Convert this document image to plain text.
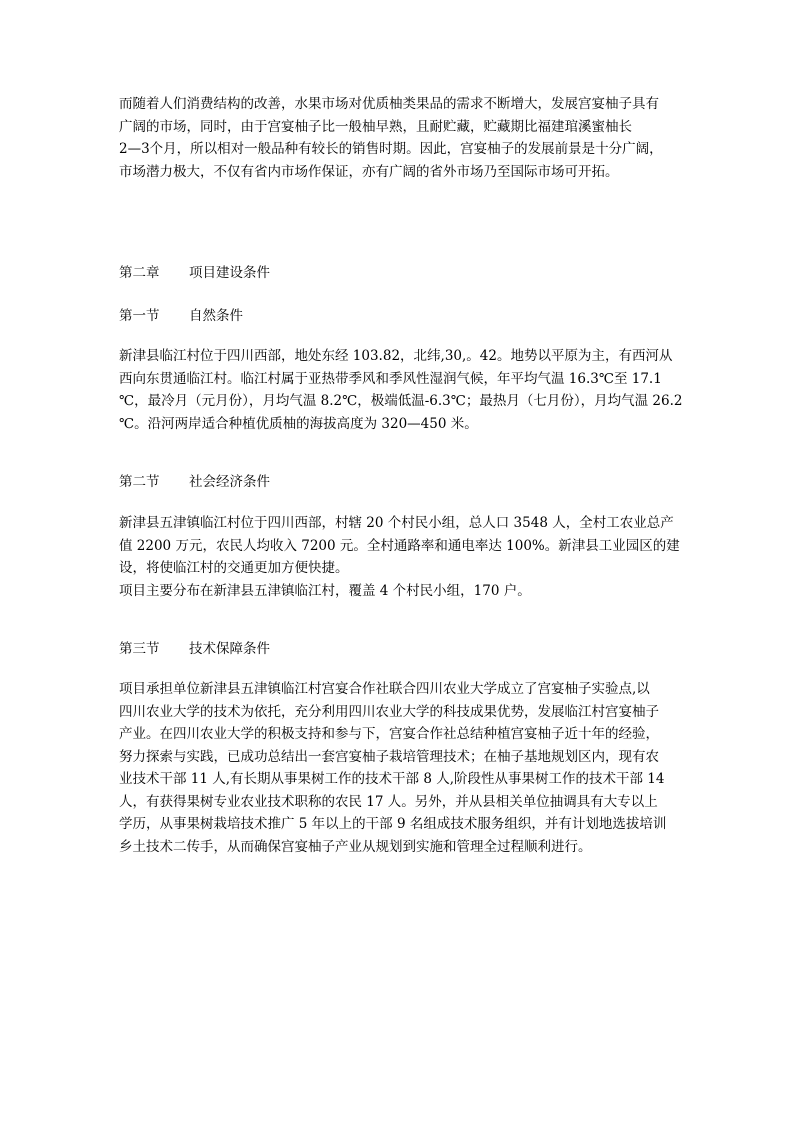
而随着人们消费结构的改善，水果市场对优质柚类果品的需求不断增大，发展宫宴柚子具有
广阔的市场，同时，由于宫宴柚子比一般柚早熟，且耐贮藏，贮藏期比福建琯溪蜜柚长
2—3个月，所以相对一般品种有较长的销售时期。因此，宫宴柚子的发展前景是十分广阔，
市场潜力极大，不仅有省内市场作保证，亦有广阔的省外市场乃至国际市场可开拓。
第二章 项目建设条件
第一节 自然条件
新津县临江村位于四川西部，地处东经 103.82，北纬,30,。42。地势以平原为主，有西河从
西向东贯通临江村。临江村属于亚热带季风和季风性湿润气候，年平均气温 16.3℃至 17.1
℃，最冷月（元月份），月均气温 8.2℃，极端低温-6.3℃；最热月（七月份），月均气温 26.2
℃。沿河两岸适合种植优质柚的海拔高度为 320—450 米。
第二节 社会经济条件
新津县五津镇临江村位于四川西部，村辖 20 个村民小组，总人口 3548 人，全村工农业总产
值 2200 万元，农民人均收入 7200 元。全村通路率和通电率达 100%。新津县工业园区的建
设，将使临江村的交通更加方便快捷。
项目主要分布在新津县五津镇临江村，覆盖 4 个村民小组，170 户。
第三节 技术保障条件
项目承担单位新津县五津镇临江村宫宴合作社联合四川农业大学成立了宫宴柚子实验点,以
四川农业大学的技术为依托，充分利用四川农业大学的科技成果优势，发展临江村宫宴柚子
产业。在四川农业大学的积极支持和参与下，宫宴合作社总结种植宫宴柚子近十年的经验，
努力探索与实践，已成功总结出一套宫宴柚子栽培管理技术；在柚子基地规划区内，现有农
业技术干部 11 人,有长期从事果树工作的技术干部 8 人,阶段性从事果树工作的技术干部 14
人，有获得果树专业农业技术职称的农民 17 人。另外，并从县相关单位抽调具有大专以上
学历，从事果树栽培技术推广 5 年以上的干部 9 名组成技术服务组织，并有计划地选拔培训
乡土技术二传手，从而确保宫宴柚子产业从规划到实施和管理全过程顺利进行。
